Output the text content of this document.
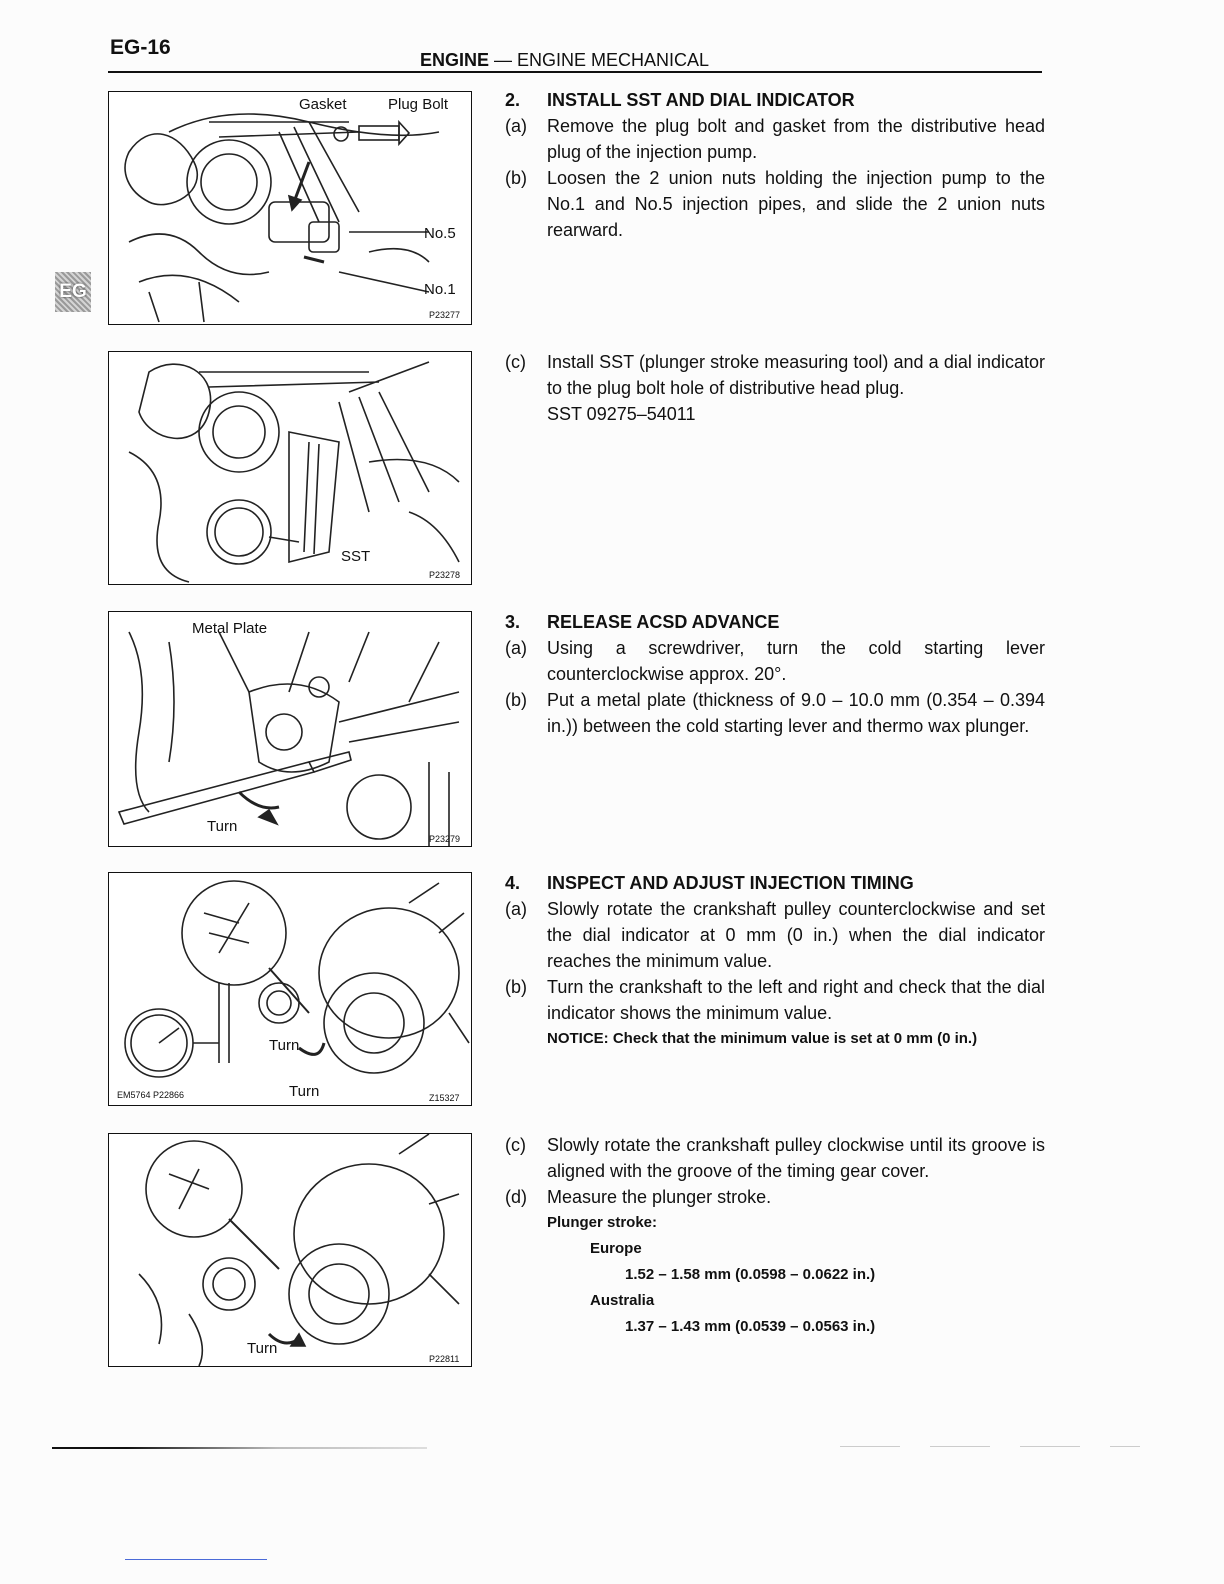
EG-16
ENGINE — ENGINE MECHANICAL
EG
Gasket	Plug Bolt
No.5
No.1
P23277
SST
P23278
Metal Plate
Turn
P23279
Turn
Turn
EM5764 P22866	Z15327
Turn
P22811
2.	INSTALL SST AND DIAL INDICATOR
(a)	Remove the plug bolt and gasket from the distributive head plug of the injection pump.
(b)	Loosen the 2 union nuts holding the injection pump to the No.1 and No.5 injection pipes, and slide the 2 union nuts rearward.
(c)	Install SST (plunger stroke measuring tool) and a dial indicator to the plug bolt hole of distributive head plug.
SST 09275–54011
3.	RELEASE ACSD ADVANCE
(a)	Using a screwdriver, turn the cold starting lever counterclockwise approx. 20°.
(b)	Put a metal plate (thickness of 9.0 – 10.0 mm (0.354 – 0.394 in.)) between the cold starting lever and thermo wax plunger.
4.	INSPECT AND ADJUST INJECTION TIMING
(a)	Slowly rotate the crankshaft pulley counterclockwise and set the dial indicator at 0 mm (0 in.) when the dial indicator reaches the minimum value.
(b)	Turn the crankshaft to the left and right and check that the dial indicator shows the minimum value.
NOTICE: Check that the minimum value is set at 0 mm (0 in.)
(c)	Slowly rotate the crankshaft pulley clockwise until its groove is aligned with the groove of the timing gear cover.
(d)	Measure the plunger stroke.
Plunger stroke:
Europe
1.52 – 1.58 mm (0.0598 – 0.0622 in.)
Australia
1.37 – 1.43 mm (0.0539 – 0.0563 in.)
